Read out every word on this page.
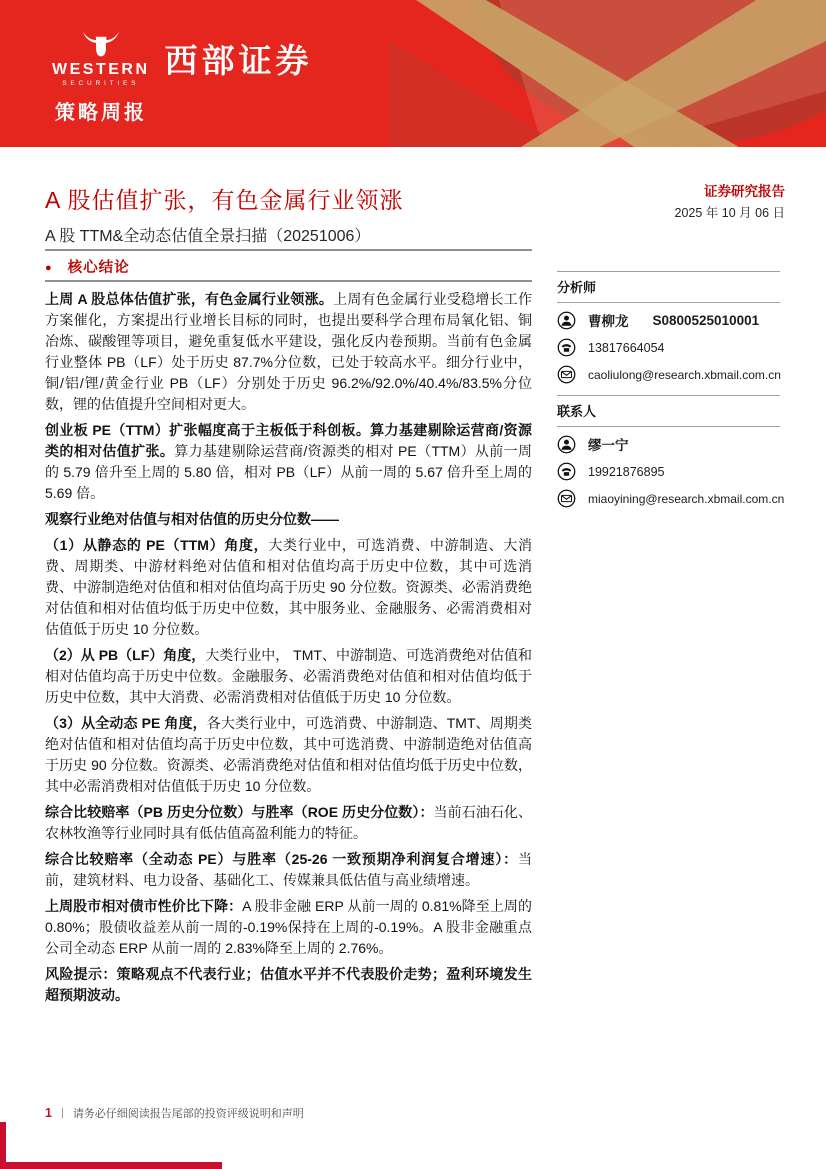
WESTERN
SECURITIES
西部证券
策略周报
A 股估值扩张，有色金属行业领涨
A 股 TTM&全动态估值全景扫描（20251006）
证券研究报告
2025 年 10 月 06 日
● 核心结论

上周 A 股总体估值扩张，有色金属行业领涨。上周有色金属行业受稳增长工作方案催化，方案提出行业增长目标的同时，也提出要科学合理布局氧化铝、铜冶炼、碳酸锂等项目，避免重复低水平建设，强化反内卷预期。当前有色金属行业整体 PB（LF）处于历史 87.7%分位数，已处于较高水平。细分行业中，铜/铝/锂/黄金行业 PB（LF）分别处于历史 96.2%/92.0%/40.4%/83.5%分位数，锂的估值提升空间相对更大。

创业板 PE（TTM）扩张幅度高于主板低于科创板。算力基建剔除运营商/资源类的相对估值扩张。算力基建剔除运营商/资源类的相对 PE（TTM）从前一周的 5.79 倍升至上周的 5.80 倍，相对 PB（LF）从前一周的 5.67 倍升至上周的 5.69 倍。

观察行业绝对估值与相对估值的历史分位数——

（1）从静态的 PE（TTM）角度，大类行业中，可选消费、中游制造、大消费、周期类、中游材料绝对估值和相对估值均高于历史中位数，其中可选消费、中游制造绝对估值和相对估值均高于历史 90 分位数。资源类、必需消费绝对估值和相对估值均低于历史中位数，其中服务业、金融服务、必需消费相对估值低于历史 10 分位数。

（2）从 PB（LF）角度，大类行业中， TMT、中游制造、可选消费绝对估值和相对估值均高于历史中位数。金融服务、必需消费绝对估值和相对估值均低于历史中位数，其中大消费、必需消费相对估值低于历史 10 分位数。

（3）从全动态 PE 角度，各大类行业中，可选消费、中游制造、TMT、周期类绝对估值和相对估值均高于历史中位数，其中可选消费、中游制造绝对估值高于历史 90 分位数。资源类、必需消费绝对估值和相对估值均低于历史中位数，其中必需消费相对估值低于历史 10 分位数。

综合比较赔率（PB 历史分位数）与胜率（ROE 历史分位数）：当前石油石化、农林牧渔等行业同时具有低估值高盈利能力的特征。

综合比较赔率（全动态 PE）与胜率（25-26 一致预期净利润复合增速）：当前，建筑材料、电力设备、基础化工、传媒兼具低估值与高业绩增速。

上周股市相对债市性价比下降：A 股非金融 ERP 从前一周的 0.81%降至上周的 0.80%；股债收益差从前一周的-0.19%保持在上周的-0.19%。A 股非金融重点公司全动态 ERP 从前一周的 2.83%降至上周的 2.76%。

风险提示：策略观点不代表行业；估值水平并不代表股价走势；盈利环境发生超预期波动。

分析师
曹柳龙 S0800525010001
13817664054
caoliulong@research.xbmail.com.cn
联系人
缪一宁
19921876895
miaoyining@research.xbmail.com.cn
1 | 请务必仔细阅读报告尾部的投资评级说明和声明
